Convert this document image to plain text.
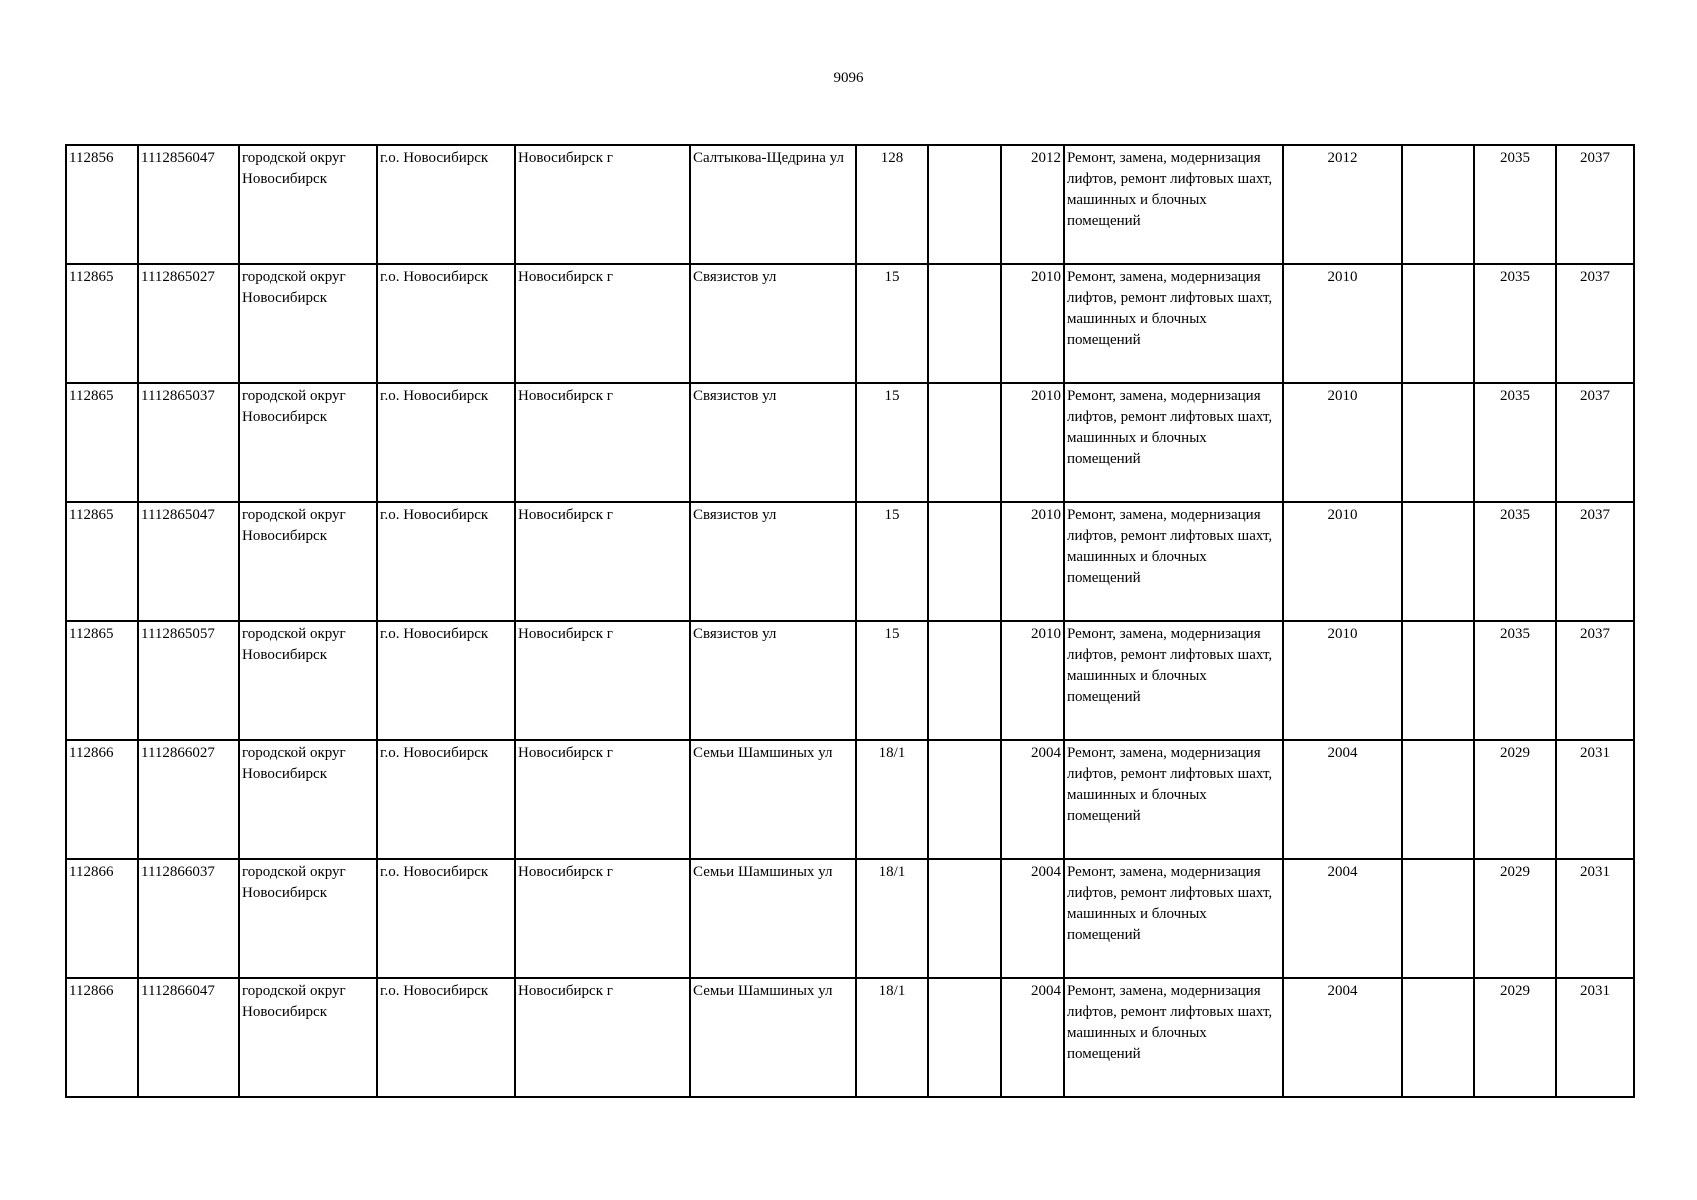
9096
112856	1112856047	городской округ Новосибирск	г.о. Новосибирск	Новосибирск г	Салтыкова-Щедрина ул	128		2012	Ремонт, замена, модернизация лифтов, ремонт лифтовых шахт, машинных и блочных помещений	2012		2035	2037
112865	1112865027	городской округ Новосибирск	г.о. Новосибирск	Новосибирск г	Связистов ул	15		2010	Ремонт, замена, модернизация лифтов, ремонт лифтовых шахт, машинных и блочных помещений	2010		2035	2037
112865	1112865037	городской округ Новосибирск	г.о. Новосибирск	Новосибирск г	Связистов ул	15		2010	Ремонт, замена, модернизация лифтов, ремонт лифтовых шахт, машинных и блочных помещений	2010		2035	2037
112865	1112865047	городской округ Новосибирск	г.о. Новосибирск	Новосибирск г	Связистов ул	15		2010	Ремонт, замена, модернизация лифтов, ремонт лифтовых шахт, машинных и блочных помещений	2010		2035	2037
112865	1112865057	городской округ Новосибирск	г.о. Новосибирск	Новосибирск г	Связистов ул	15		2010	Ремонт, замена, модернизация лифтов, ремонт лифтовых шахт, машинных и блочных помещений	2010		2035	2037
112866	1112866027	городской округ Новосибирск	г.о. Новосибирск	Новосибирск г	Семьи Шамшиных ул	18/1		2004	Ремонт, замена, модернизация лифтов, ремонт лифтовых шахт, машинных и блочных помещений	2004		2029	2031
112866	1112866037	городской округ Новосибирск	г.о. Новосибирск	Новосибирск г	Семьи Шамшиных ул	18/1		2004	Ремонт, замена, модернизация лифтов, ремонт лифтовых шахт, машинных и блочных помещений	2004		2029	2031
112866	1112866047	городской округ Новосибирск	г.о. Новосибирск	Новосибирск г	Семьи Шамшиных ул	18/1		2004	Ремонт, замена, модернизация лифтов, ремонт лифтовых шахт, машинных и блочных помещений	2004		2029	2031
